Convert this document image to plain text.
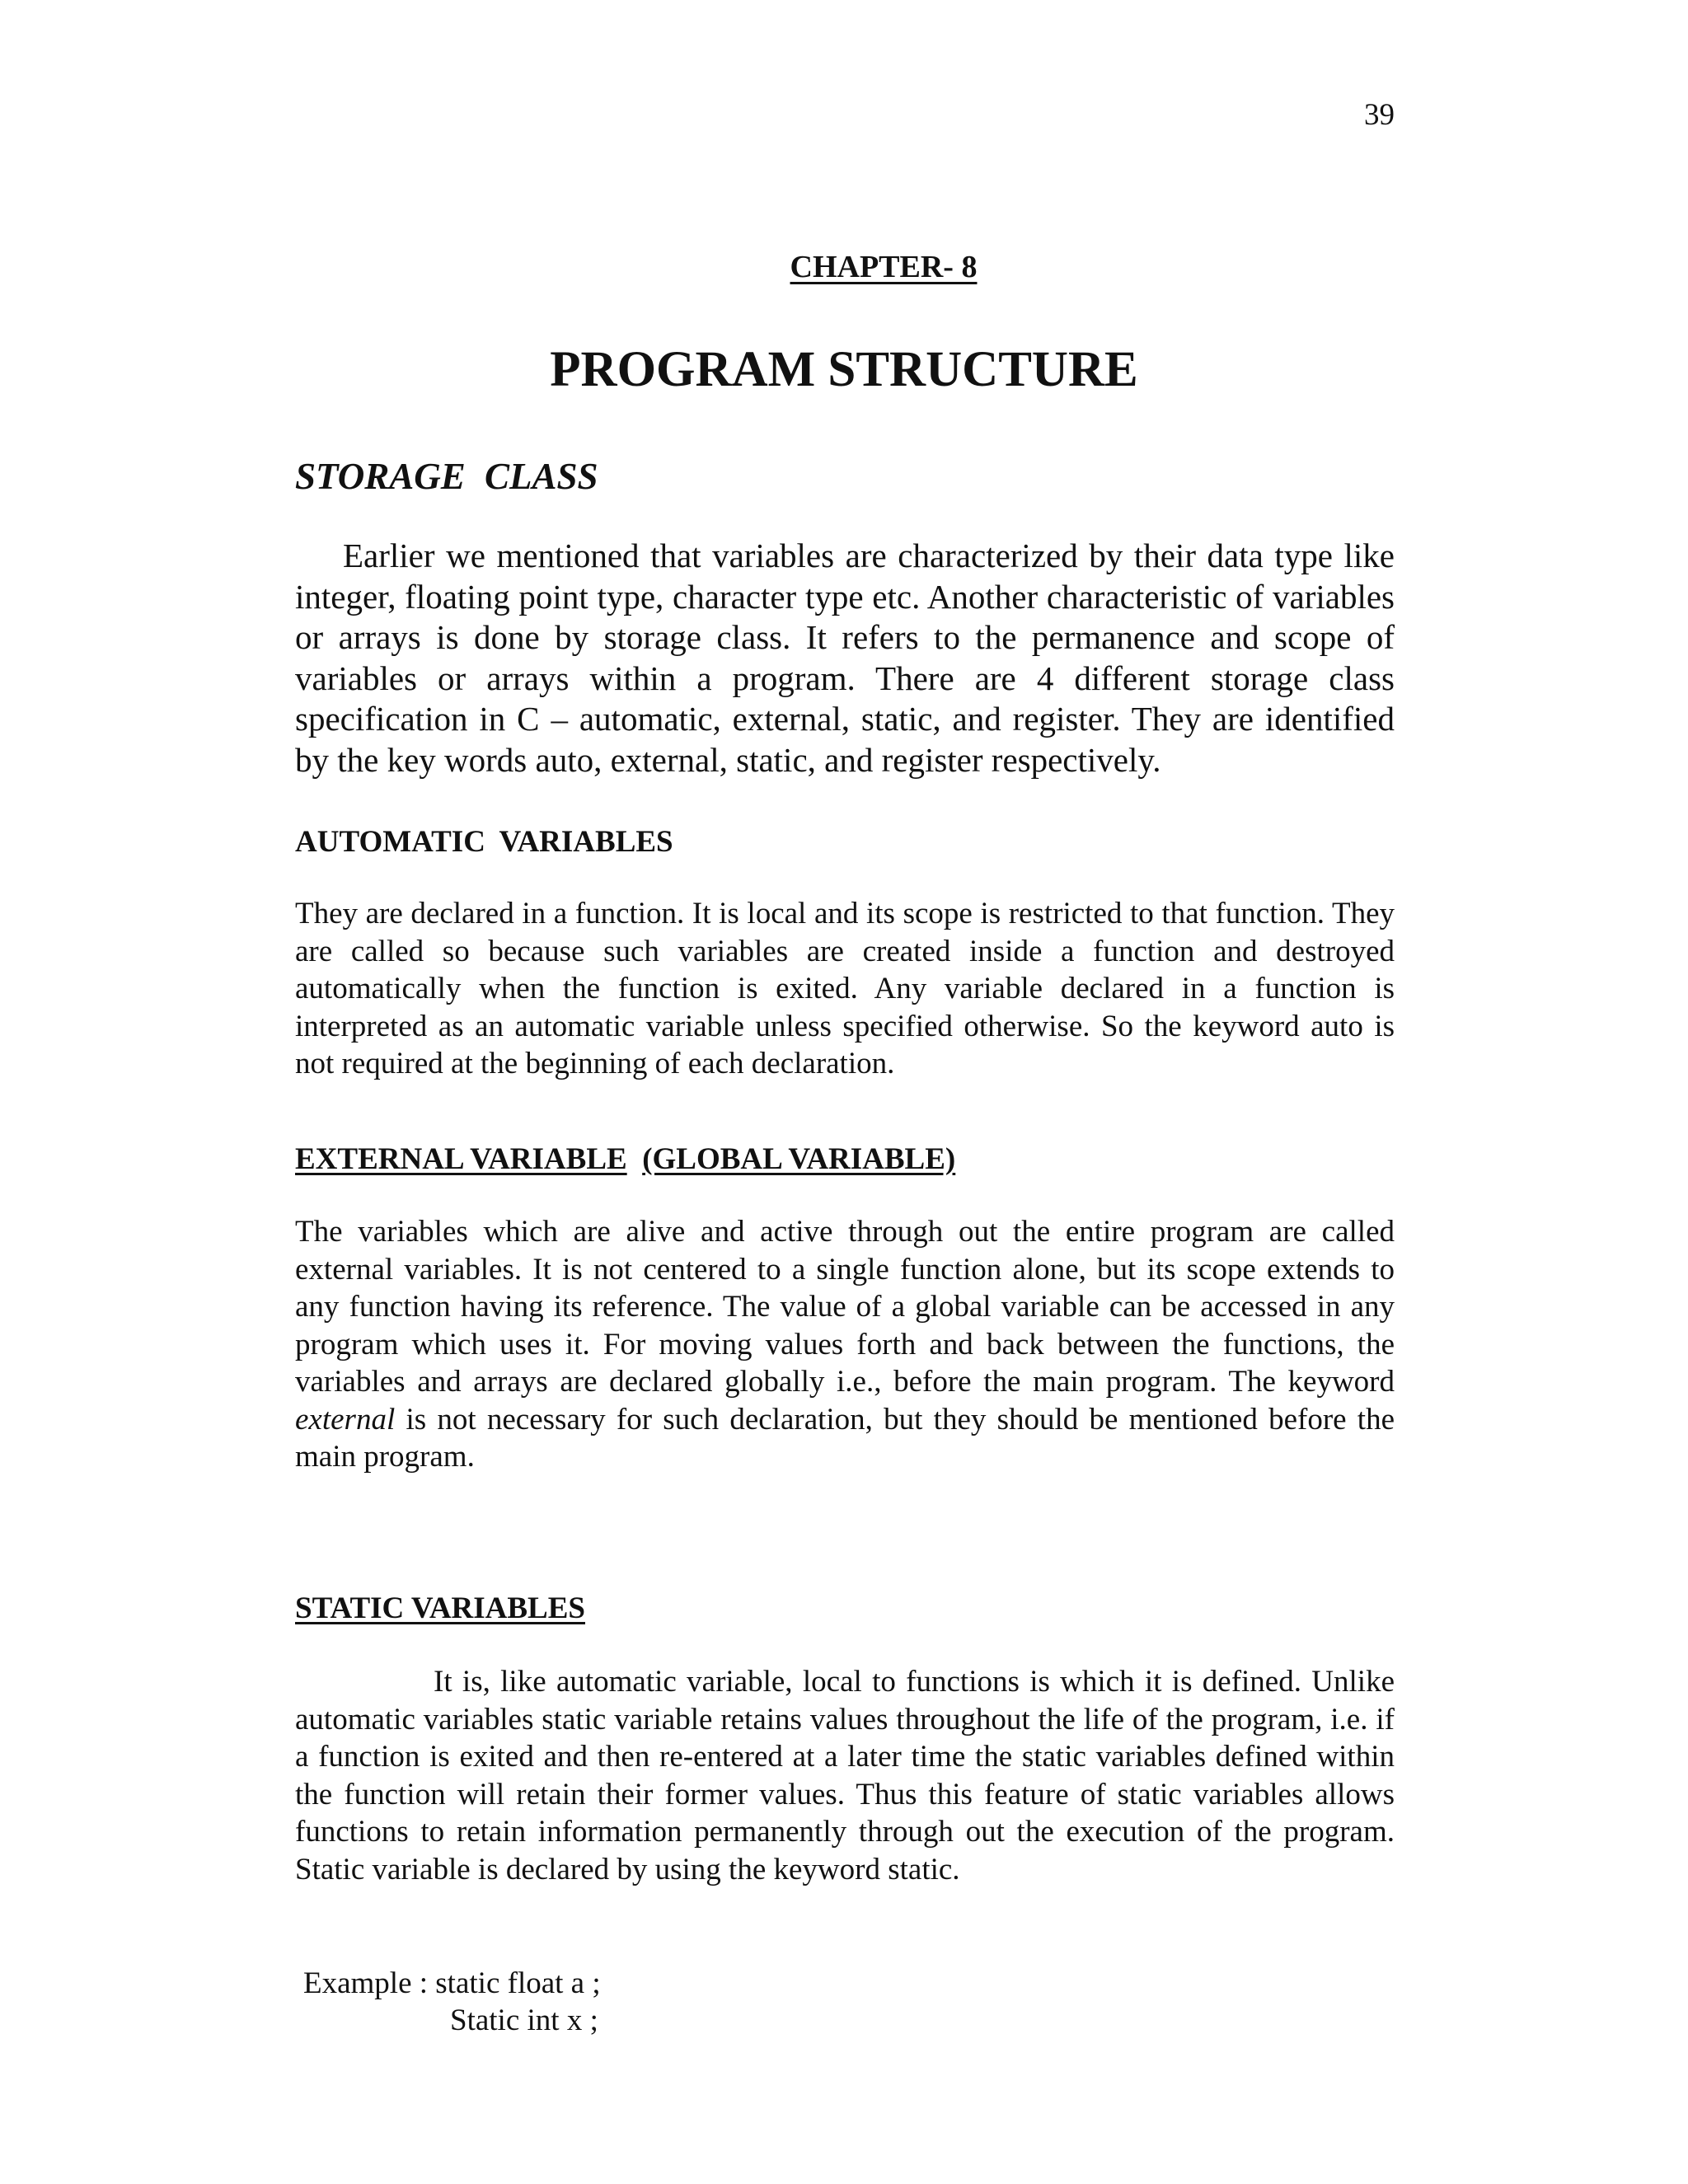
39
CHAPTER- 8
PROGRAM STRUCTURE
STORAGE CLASS

Earlier we mentioned that variables are characterized by their data type like integer, floating point type, character type etc. Another characteristic of variables or arrays is done by storage class. It refers to the permanence and scope of variables or arrays within a program. There are 4 different storage class specification in C – automatic, external, static, and register. They are identified by the key words auto, external, static, and register respectively.

AUTOMATIC VARIABLES

They are declared in a function. It is local and its scope is restricted to that function. They are called so because such variables are created inside a function and destroyed automatically when the function is exited. Any variable declared in a function is interpreted as an automatic variable unless specified otherwise. So the keyword auto is not required at the beginning of each declaration.

EXTERNAL VARIABLE (GLOBAL VARIABLE)

The variables which are alive and active through out the entire program are called external variables. It is not centered to a single function alone, but its scope extends to any function having its reference. The value of a global variable can be accessed in any program which uses it. For moving values forth and back between the functions, the variables and arrays are declared globally i.e., before the main program. The keyword external is not necessary for such declaration, but they should be mentioned before the main program.

STATIC VARIABLES

It is, like automatic variable, local to functions is which it is defined. Unlike automatic variables static variable retains values throughout the life of the program, i.e. if a function is exited and then re-entered at a later time the static variables defined within the function will retain their former values. Thus this feature of static variables allows functions to retain information permanently through out the execution of the program. Static variable is declared by using the keyword static.

Example : static float a ;
Static int x ;
